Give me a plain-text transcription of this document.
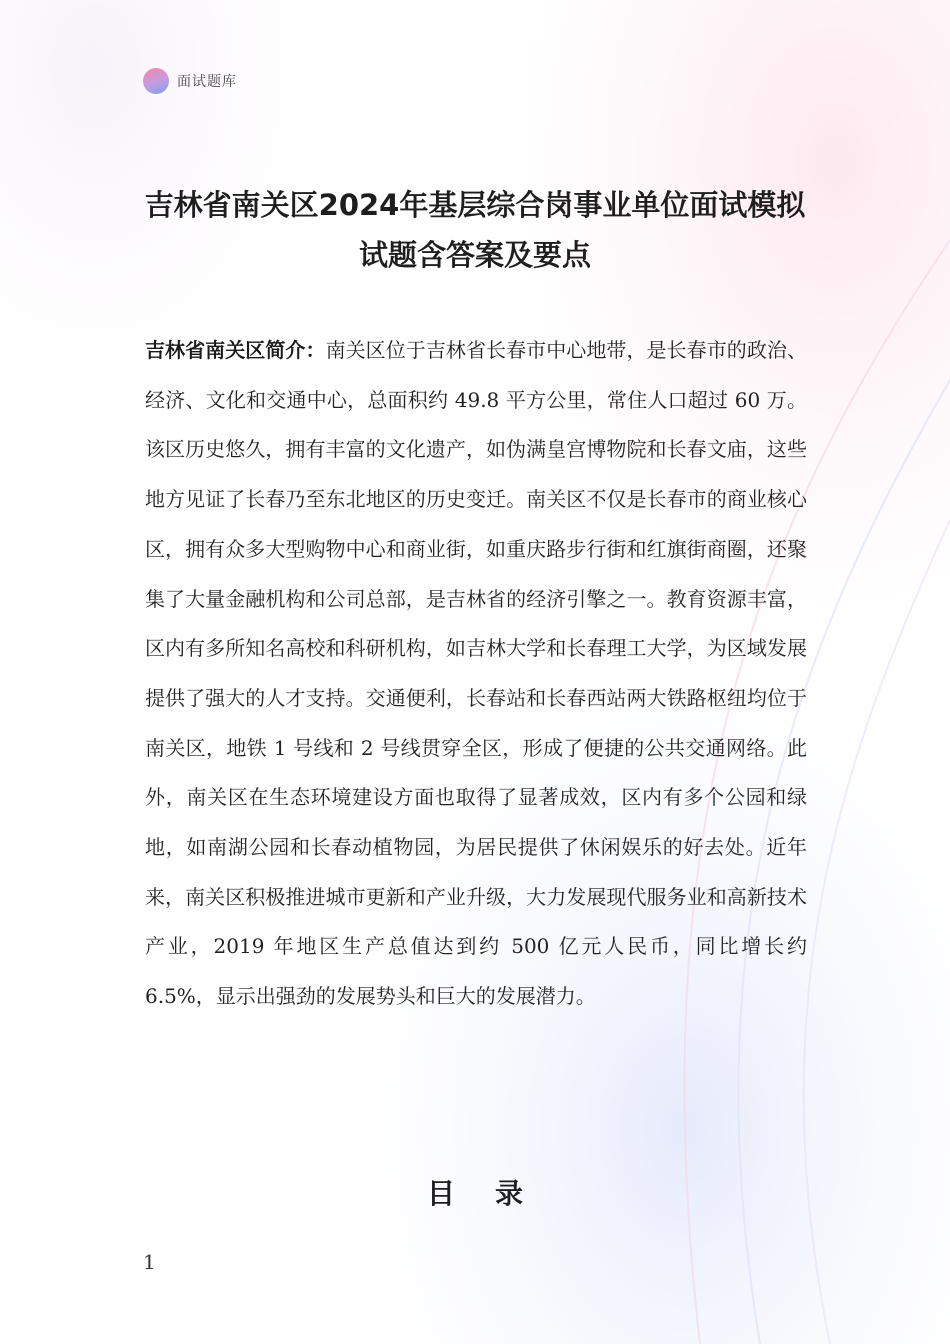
面试题库
吉林省南关区2024年基层综合岗事业单位面试模拟试题含答案及要点
吉林省南关区简介：南关区位于吉林省长春市中心地带，是长春市的政治、经济、文化和交通中心，总面积约 49.8 平方公里，常住人口超过 60 万。该区历史悠久，拥有丰富的文化遗产，如伪满皇宫博物院和长春文庙，这些地方见证了长春乃至东北地区的历史变迁。南关区不仅是长春市的商业核心区，拥有众多大型购物中心和商业街，如重庆路步行街和红旗街商圈，还聚集了大量金融机构和公司总部，是吉林省的经济引擎之一。教育资源丰富，区内有多所知名高校和科研机构，如吉林大学和长春理工大学，为区域发展提供了强大的人才支持。交通便利，长春站和长春西站两大铁路枢纽均位于南关区，地铁 1 号线和 2 号线贯穿全区，形成了便捷的公共交通网络。此外，南关区在生态环境建设方面也取得了显著成效，区内有多个公园和绿地，如南湖公园和长春动植物园，为居民提供了休闲娱乐的好去处。近年来，南关区积极推进城市更新和产业升级，大力发展现代服务业和高新技术产业，2019 年地区生产总值达到约 500 亿元人民币，同比增长约 6.5%，显示出强劲的发展势头和巨大的发展潜力。
目录
1
